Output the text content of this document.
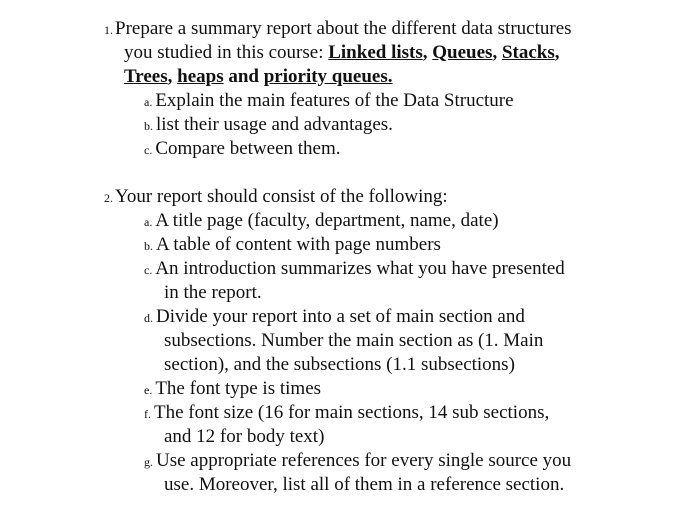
1. Prepare a summary report about the different data structures
you studied in this course: Linked lists, Queues, Stacks,
Trees, heaps and priority queues.
a. Explain the main features of the Data Structure
b. list their usage and advantages.
c. Compare between them.
2. Your report should consist of the following:
a. A title page (faculty, department, name, date)
b. A table of content with page numbers
c. An introduction summarizes what you have presented
in the report.
d. Divide your report into a set of main section and
subsections. Number the main section as (1. Main
section), and the subsections (1.1 subsections)
e. The font type is times
f. The font size (16 for main sections, 14 sub sections,
and 12 for body text)
g. Use appropriate references for every single source you
use. Moreover, list all of them in a reference section.
